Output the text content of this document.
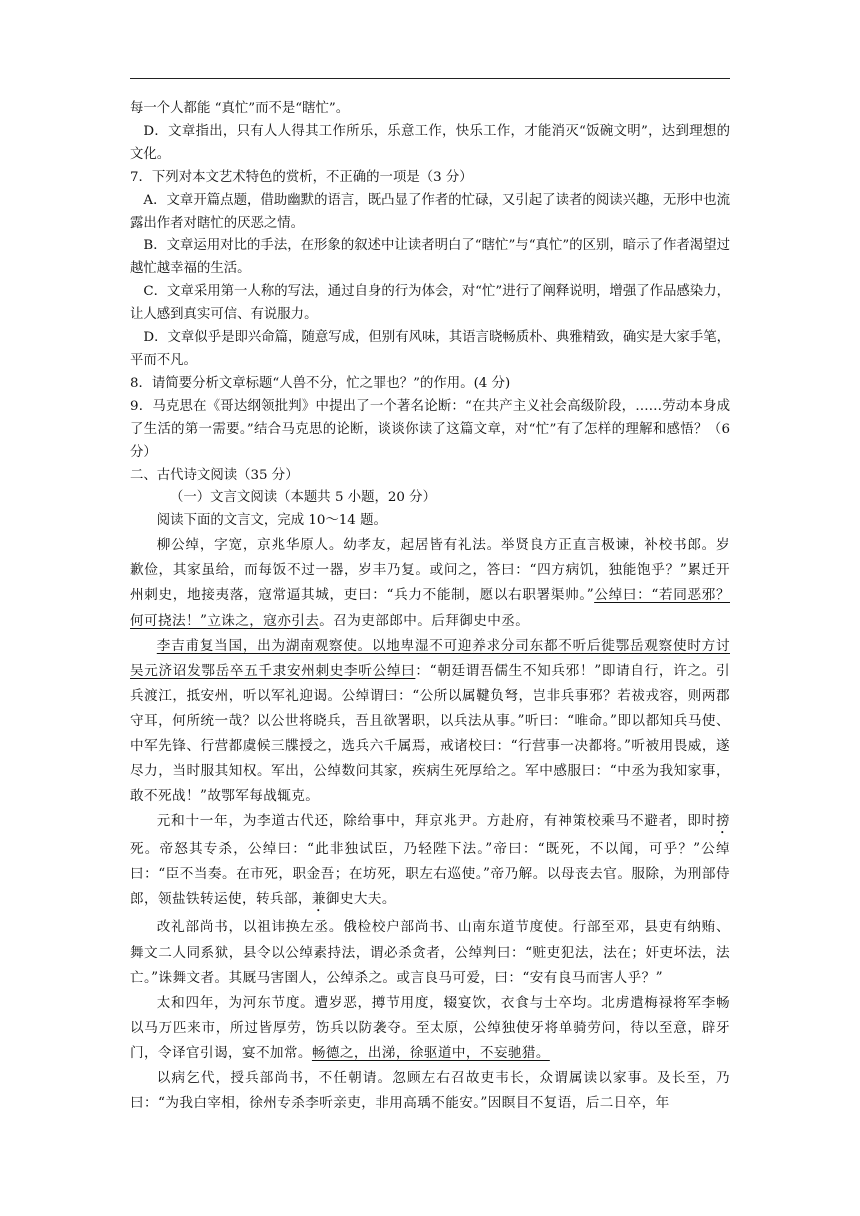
每一个人都能 “真忙”而不是“瞎忙”。

D．文章指出，只有人人得其工作所乐，乐意工作，快乐工作，才能消灭“饭碗文明”，达到理想的文化。

7．下列对本文艺术特色的赏析，不正确的一项是（3 分）

A．文章开篇点题，借助幽默的语言，既凸显了作者的忙碌，又引起了读者的阅读兴趣，无形中也流露出作者对瞎忙的厌恶之情。

B．文章运用对比的手法，在形象的叙述中让读者明白了“瞎忙”与“真忙”的区别，暗示了作者渴望过越忙越幸福的生活。

C．文章采用第一人称的写法，通过自身的行为体会，对“忙”进行了阐释说明，增强了作品感染力， 让人感到真实可信、有说服力。

D．文章似乎是即兴命篇，随意写成，但别有风味，其语言晓畅质朴、典雅精致，确实是大家手笔，平而不凡。

8．请简要分析文章标题“人兽不分，忙之罪也？”的作用。(4 分)

9．马克思在《哥达纲领批判》中提出了一个著名论断：“在共产主义社会高级阶段，……劳动本身成了生活的第一需要。”结合马克思的论断，谈谈你读了这篇文章，对“忙”有了怎样的理解和感悟？（6 分）

二、古代诗文阅读（35 分）

（一）文言文阅读（本题共 5 小题，20 分）

阅读下面的文言文，完成 10～14 题。

柳公绰，字宽，京兆华原人。幼孝友，起居皆有礼法。举贤良方正直言极谏，补校书郎。岁歉俭，其家虽给，而每饭不过一器，岁丰乃复。或问之，答曰：“四方病饥，独能饱乎？”累迁开州刺史，地接夷落，寇常逼其城，吏曰：“兵力不能制，愿以右职署渠帅。”公绰曰：“若同恶邪？何可挠法！”立诛之，寇亦引去。召为吏部郎中。后拜御史中丞。

李吉甫复当国，出为湖南观察使。以地卑湿不可迎养求分司东都不听后徙鄂岳观察使时方讨吴元济诏发鄂岳卒五千隶安州刺史李听公绰曰：“朝廷谓吾儒生不知兵邪！”即请自行，许之。引兵渡江，抵安州，听以军礼迎谒。公绰谓曰：“公所以属鞬负弩，岂非兵事邪？若祓戎容，则两郡守耳，何所统一哉？以公世将晓兵，吾且欲署职，以兵法从事。”听曰：“唯命。”即以都知兵马使、中军先锋、行营都虞候三牒授之，选兵六千属焉，戒诸校曰：“行营事一决都将。”听被用畏威，遂尽力，当时服其知权。军出，公绰数问其家，疾病生死厚给之。军中感服曰：“中丞为我知家事，敢不死战！”故鄂军每战辄克。

元和十一年，为李道古代还，除给事中，拜京兆尹。方赴府，有神策校乘马不避者，即时搒死。帝怒其专杀，公绰曰：“此非独试臣，乃轻陛下法。”帝曰：“既死，不以闻，可乎？”公绰曰：“臣不当奏。在市死，职金吾；在坊死，职左右巡使。”帝乃解。以母丧去官。服除，为刑部侍郎，领盐铁转运使，转兵部，兼御史大夫。

改礼部尚书，以祖讳换左丞。俄检校户部尚书、山南东道节度使。行部至邓，县吏有纳贿、舞文二人同系狱，县令以公绰素持法，谓必杀贪者，公绰判曰：“赃吏犯法，法在；奸吏坏法，法亡。”诛舞文者。其厩马害圉人，公绰杀之。或言良马可爱，曰：“安有良马而害人乎？”

太和四年，为河东节度。遭岁恶，撙节用度，辍宴饮，衣食与士卒均。北虏遣梅禄将军李畅以马万匹来市，所过皆厚劳，饬兵以防袭夺。至太原，公绰独使牙将单骑劳问，待以至意，辟牙门，令译官引谒，宴不加常。畅德之，出涕，徐驱道中，不妄驰猎。

以病乞代，授兵部尚书，不任朝请。忽顾左右召故吏韦长，众谓属读以家事。及长至，乃曰：“为我白宰相，徐州专杀李听亲吏，非用高瑀不能安。”因瞑目不复语，后二日卒，年
